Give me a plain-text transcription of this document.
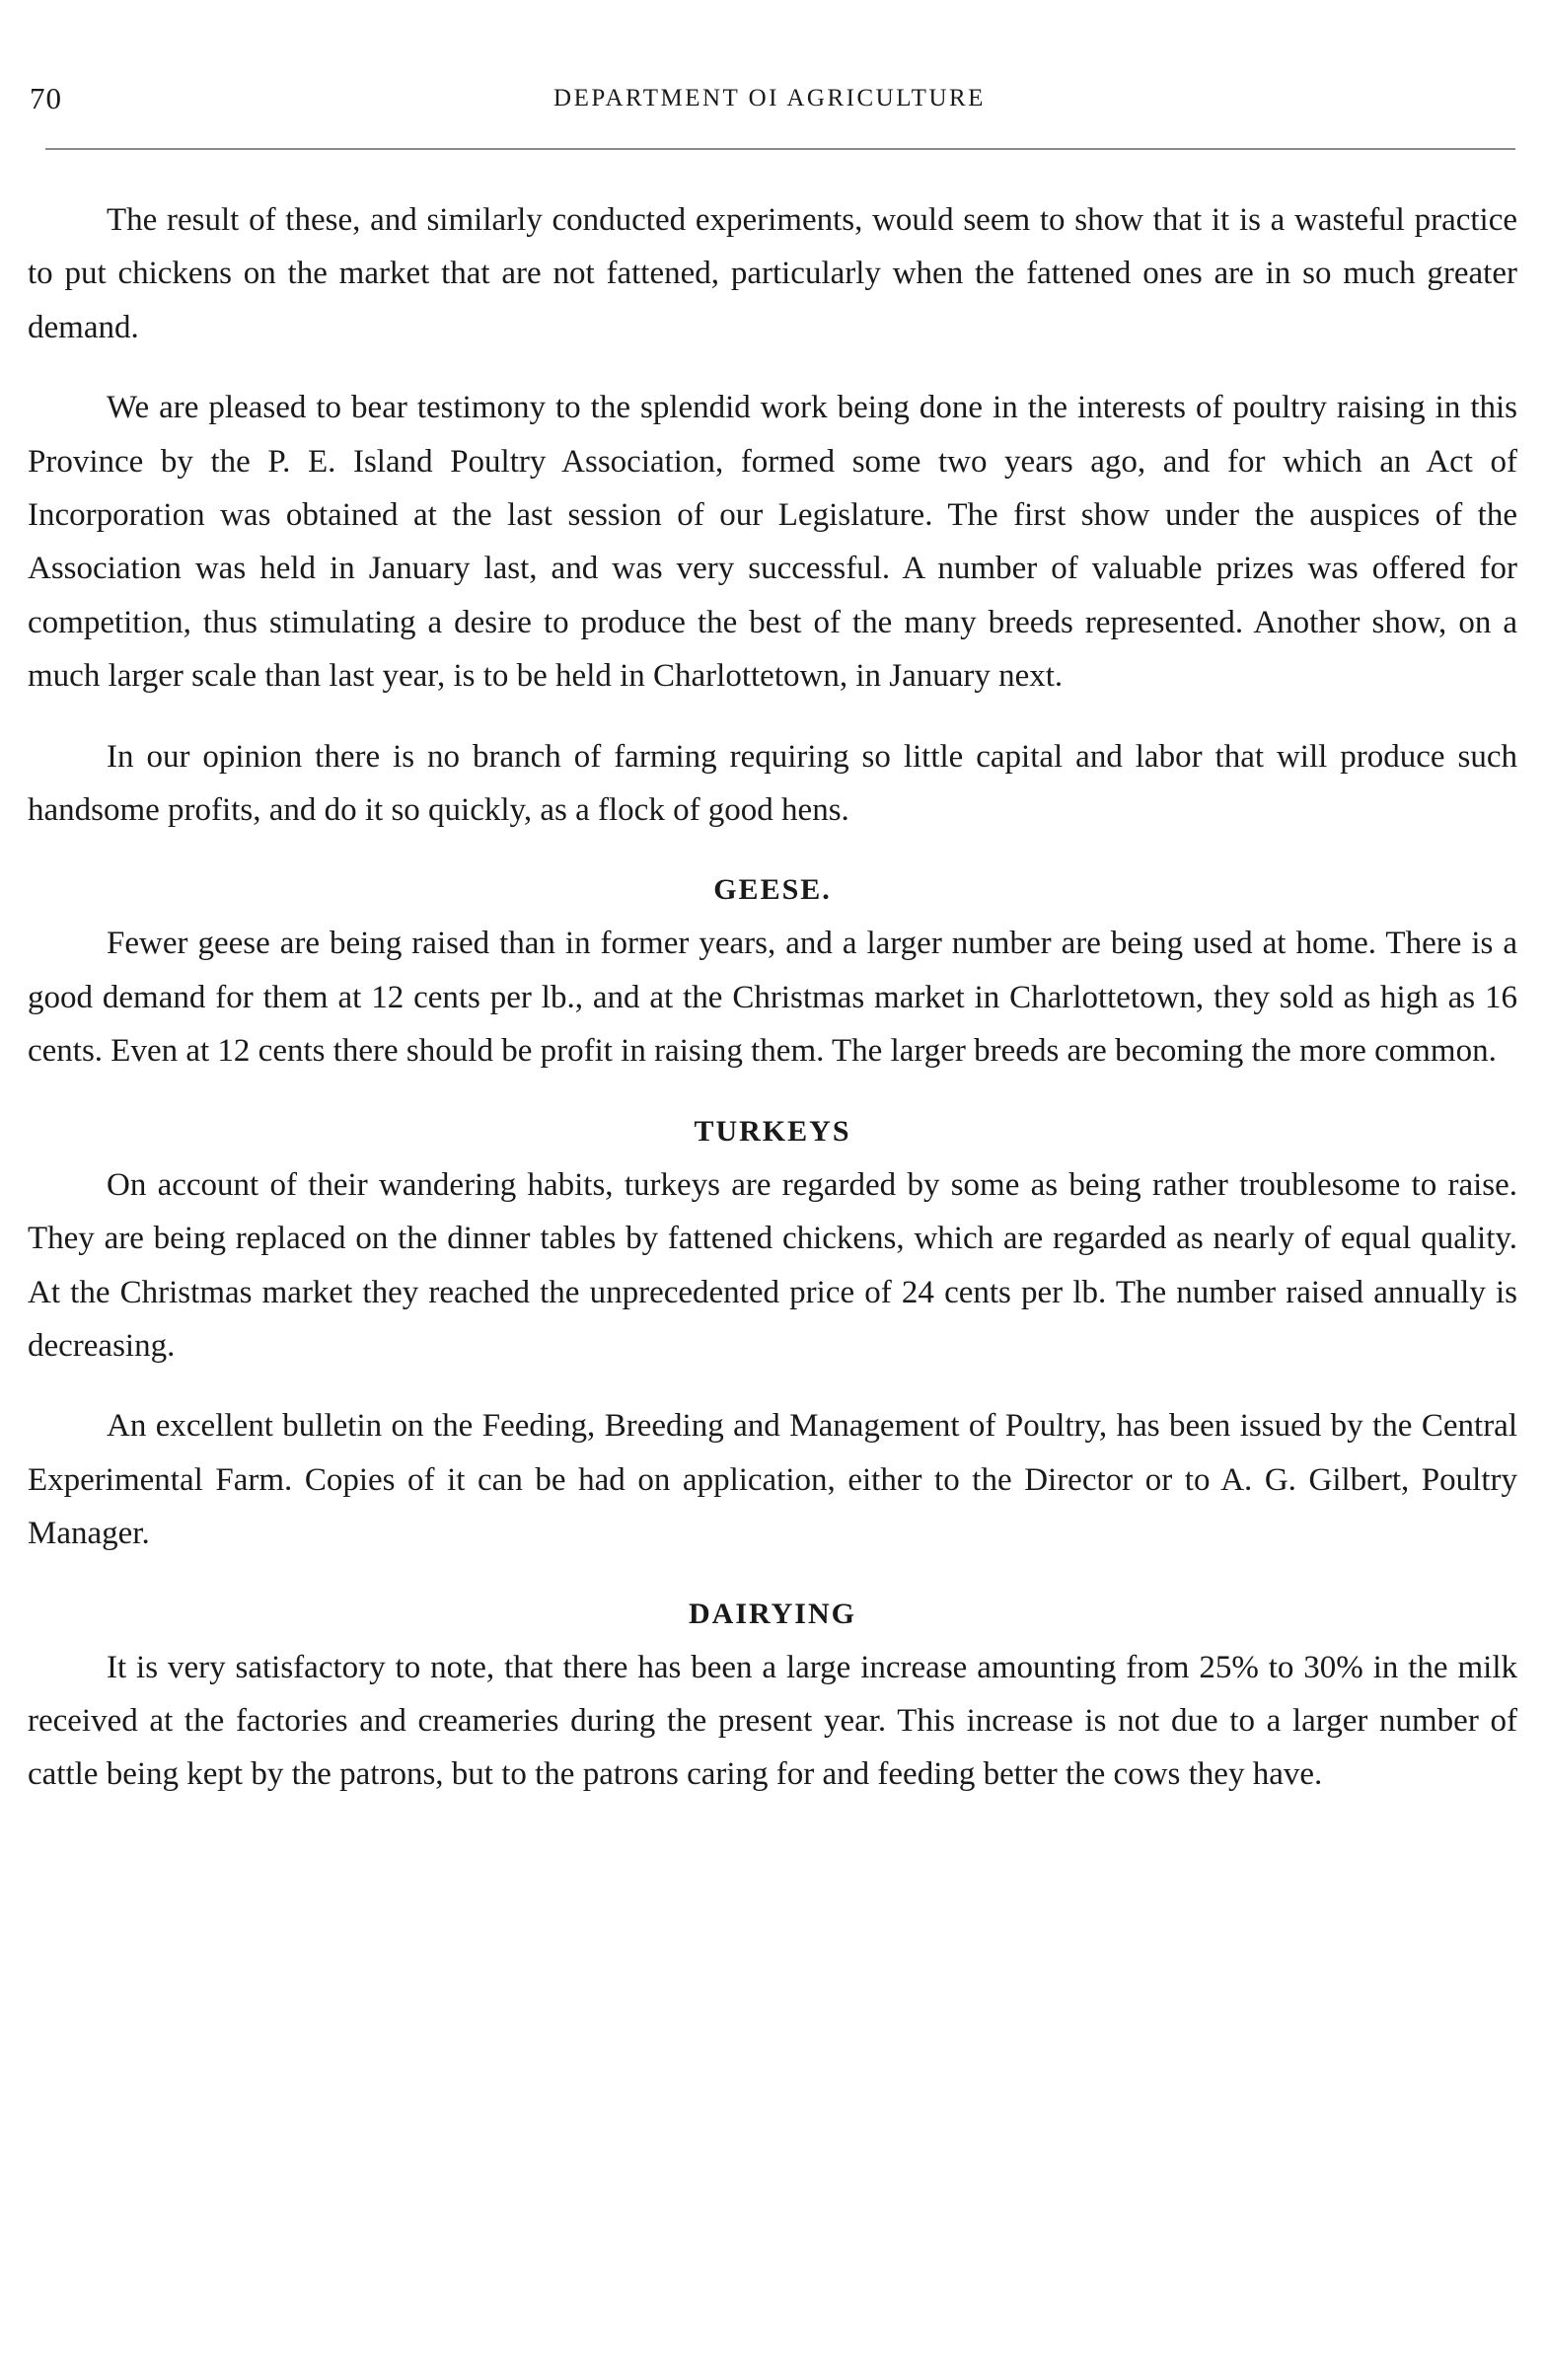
70	DEPARTMENT OI AGRICULTURE

The result of these, and similarly conducted experiments, would seem to show that it is a wasteful practice to put chickens on the market that are not fattened, particularly when the fattened ones are in so much greater demand.

We are pleased to bear testimony to the splendid work being done in the interests of poultry raising in this Province by the P. E. Island Poultry Association, formed some two years ago, and for which an Act of Incorporation was obtained at the last session of our Legislature. The first show under the auspices of the Association was held in January last, and was very successful. A number of valuable prizes was offered for competition, thus stimulating a desire to produce the best of the many breeds represented. Another show, on a much larger scale than last year, is to be held in Charlottetown, in January next.

In our opinion there is no branch of farming requiring so little capital and labor that will produce such handsome profits, and do it so quickly, as a flock of good hens.

GEESE.

Fewer geese are being raised than in former years, and a larger number are being used at home. There is a good demand for them at 12 cents per lb., and at the Christmas market in Charlottetown, they sold as high as 16 cents. Even at 12 cents there should be profit in raising them. The larger breeds are becoming the more common.

TURKEYS

On account of their wandering habits, turkeys are regarded by some as being rather troublesome to raise. They are being replaced on the dinner tables by fattened chickens, which are regarded as nearly of equal quality. At the Christmas market they reached the unprecedented price of 24 cents per lb. The number raised annually is decreasing.

An excellent bulletin on the Feeding, Breeding and Management of Poultry, has been issued by the Central Experimental Farm. Copies of it can be had on application, either to the Director or to A. G. Gilbert, Poultry Manager.

DAIRYING

It is very satisfactory to note, that there has been a large increase amounting from 25% to 30% in the milk received at the factories and creameries during the present year. This increase is not due to a larger number of cattle being kept by the patrons, but to the patrons caring for and feeding better the cows they have.
